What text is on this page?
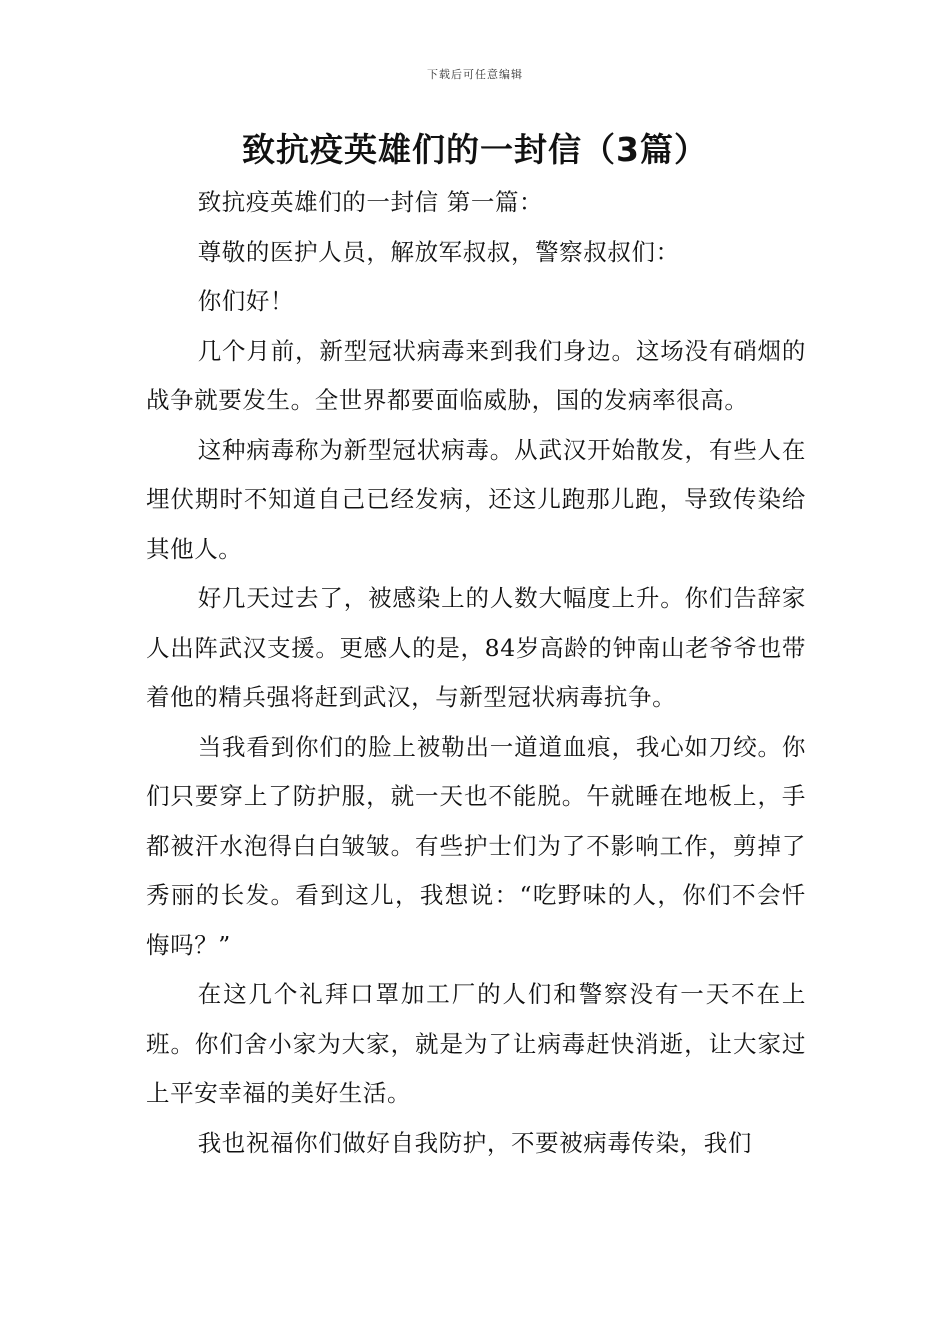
下载后可任意编辑
致抗疫英雄们的一封信（3篇）

致抗疫英雄们的一封信 第一篇：

尊敬的医护人员，解放军叔叔，警察叔叔们：

你们好！

几个月前，新型冠状病毒来到我们身边。这场没有硝烟的战争就要发生。全世界都要面临威胁，国的发病率很高。

这种病毒称为新型冠状病毒。从武汉开始散发，有些人在埋伏期时不知道自己已经发病，还这儿跑那儿跑，导致传染给其他人。

好几天过去了，被感染上的人数大幅度上升。你们告辞家人出阵武汉支援。更感人的是，84岁高龄的钟南山老爷爷也带着他的精兵强将赶到武汉，与新型冠状病毒抗争。

当我看到你们的脸上被勒出一道道血痕，我心如刀绞。你们只要穿上了防护服，就一天也不能脱。午就睡在地板上，手都被汗水泡得白白皱皱。有些护士们为了不影响工作，剪掉了秀丽的长发。看到这儿，我想说：“吃野味的人，你们不会忏悔吗？”

在这几个礼拜口罩加工厂的人们和警察没有一天不在上班。你们舍小家为大家，就是为了让病毒赶快消逝，让大家过上平安幸福的美好生活。

我也祝福你们做好自我防护，不要被病毒传染，我们
